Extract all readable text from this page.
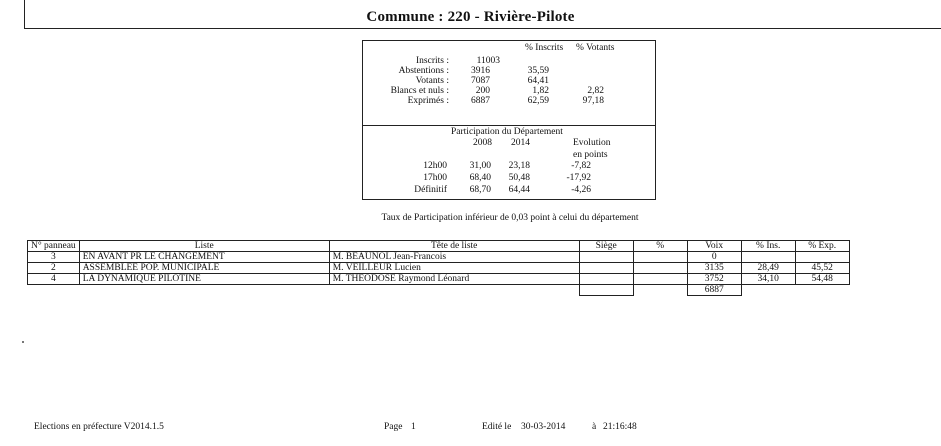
Commune : 220 - Rivière-Pilote
% Inscrits % Votants
Inscrits :	11003
Abstentions : 3916	35,59
Votants : 7087	64,41
Blancs et nuls :	200	1,82	2,82
Exprimés : 6887	62,59	97,18
Participation du Département
2008 2014	Evolution
en points
12h00 31,00 23,18	-7,82
17h00 68,40 50,48	-17,92
Définitif 68,70 64,44	-4,26
Taux de Participation inférieur de 0,03 point à celui du département
N° panneau	Liste	Tête de liste	Siège	%	Voix	% Ins.	% Exp.
3	EN AVANT PR LE CHANGEMENT	M. BEAUNOL Jean-Francois			0		
2	ASSEMBLEE POP. MUNICIPALE	M. VEILLEUR Lucien			3135	28,49	45,52
4	LA DYNAMIQUE PILOTINE	M. THEODOSE Raymond Léonard			3752	34,10	54,48
					6887		
Elections en préfecture V2014.1.5	Page 1	Edité le 30-03-2014	à 21:16:48
